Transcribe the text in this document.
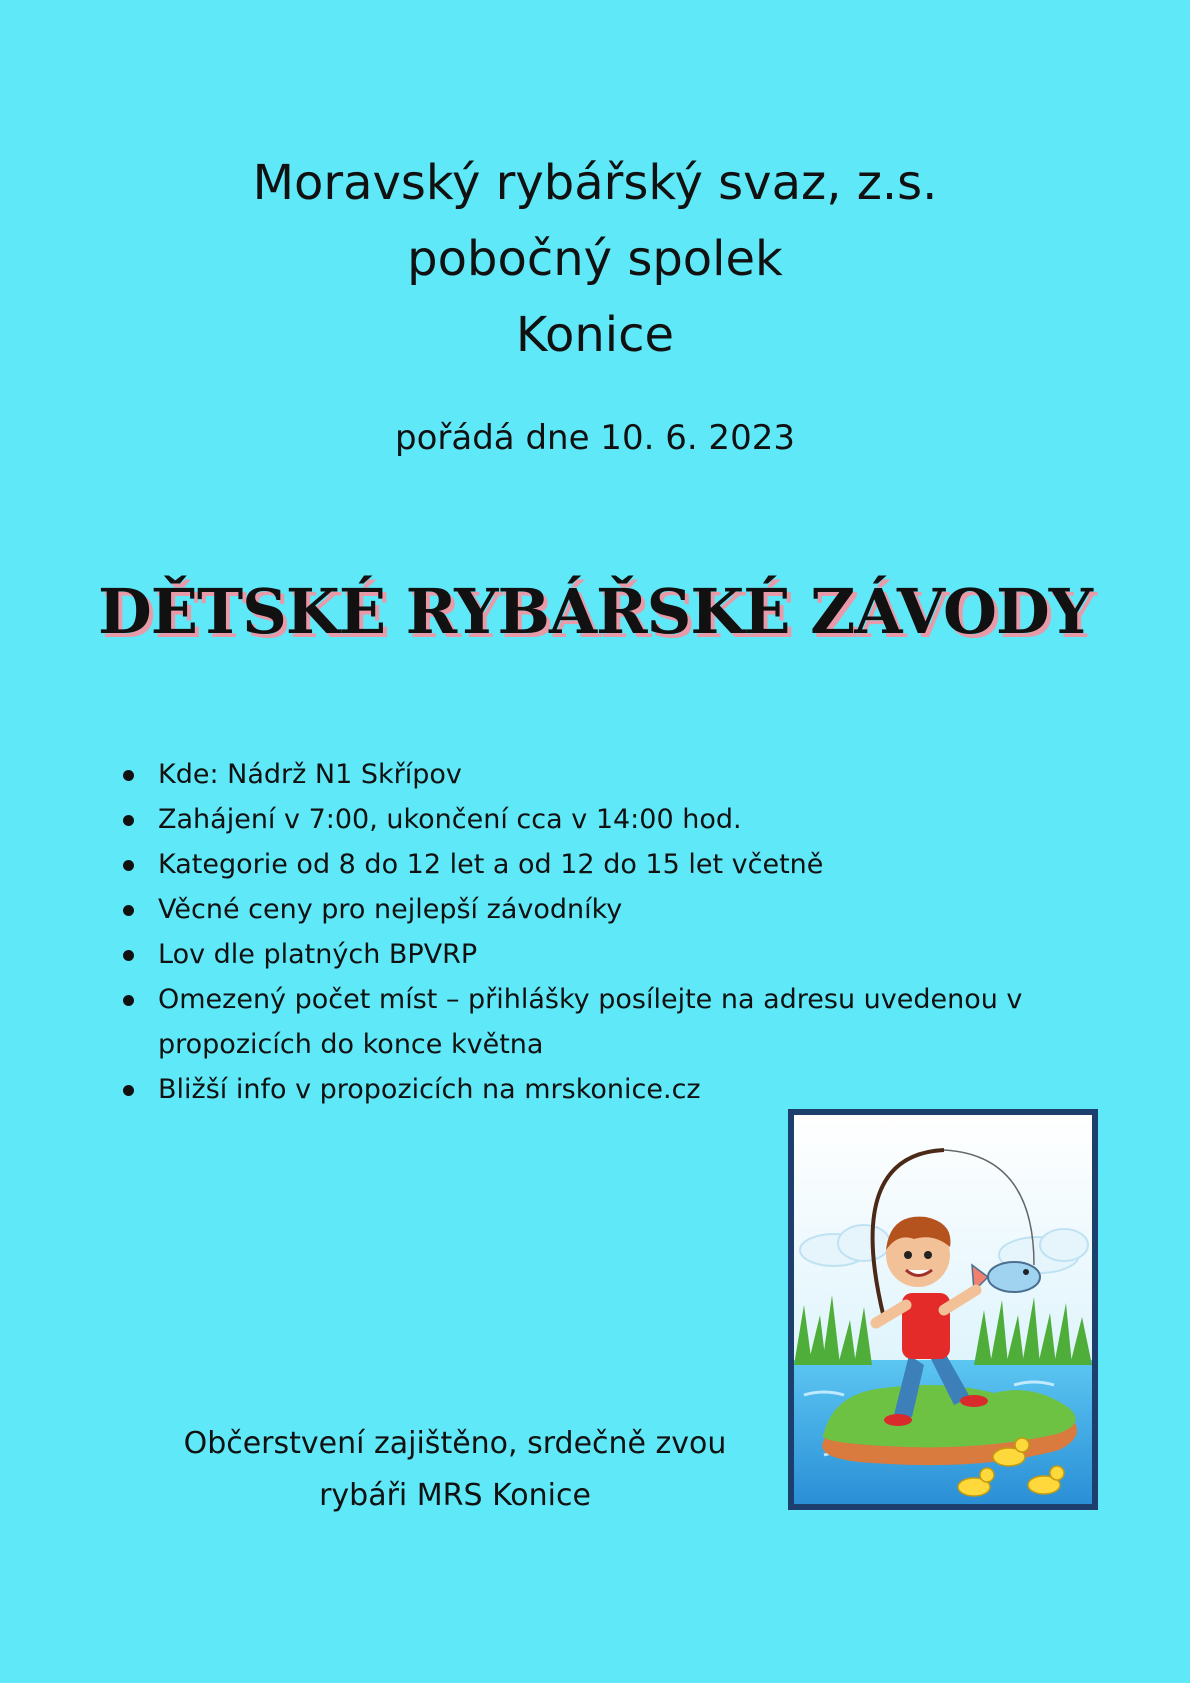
Moravský rybářský svaz, z.s.
pobočný spolek
Konice
pořádá dne 10. 6. 2023
DĚTSKÉ RYBÁŘSKÉ ZÁVODY
Kde: Nádrž N1 Skřípov
Zahájení v 7:00, ukončení cca v 14:00 hod.
Kategorie od 8 do 12 let a od 12 do 15 let včetně
Věcné ceny pro nejlepší závodníky
Lov dle platných BPVRP
Omezený počet míst – přihlášky posílejte na adresu uvedenou v propozicích do konce května
Bližší info v propozicích na mrskonice.cz
Občerstvení zajištěno, srdečně zvou
rybáři MRS Konice
